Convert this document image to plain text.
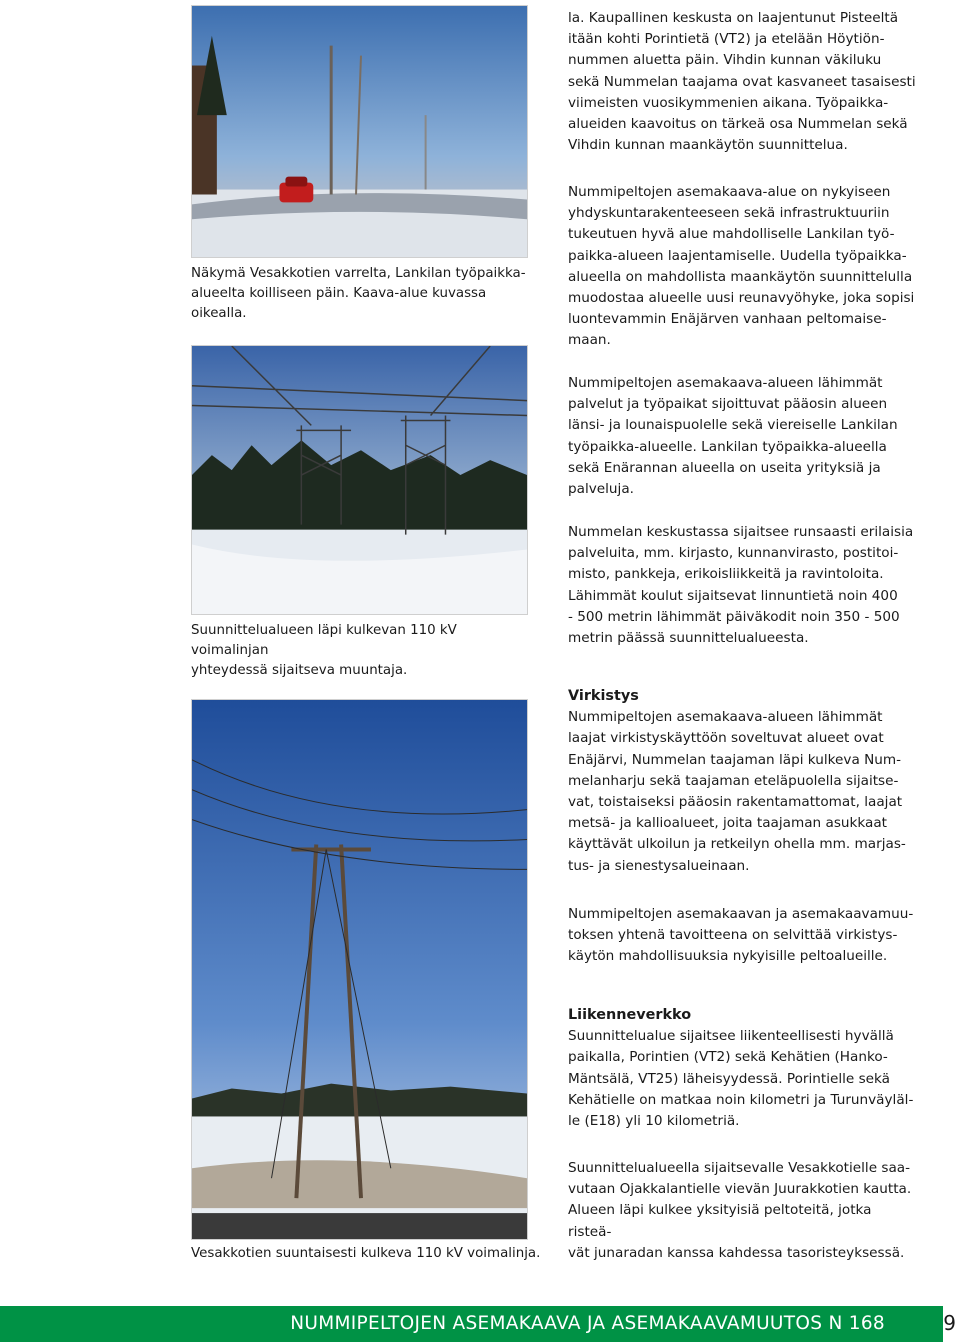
Näkymä Vesakkotien varrelta, Lankilan työpaikka-
alueelta koilliseen päin. Kaava-alue kuvassa oikealla.
Suunnittelualueen läpi kulkevan 110 kV voimalinjan
yhteydessä sijaitseva muuntaja.
Vesakkotien suuntaisesti kulkeva 110 kV voimalinja.

la. Kaupallinen keskusta on laajentunut Pisteeltä
itään kohti Porintietä (VT2) ja etelään Höytiön-
nummen aluetta päin. Vihdin kunnan väkiluku
sekä Nummelan taajama ovat kasvaneet tasaisesti
viimeisten vuosikymmenien aikana. Työpaikka-
alueiden kaavoitus on tärkeä osa Nummelan sekä
Vihdin kunnan maankäytön suunnittelua.

Nummipeltojen asemakaava-alue on nykyiseen
yhdyskuntarakenteeseen sekä infrastruktuuriin
tukeutuen hyvä alue mahdolliselle Lankilan työ-
paikka-alueen laajentamiselle. Uudella työpaikka-
alueella on mahdollista maankäytön suunnittelulla
muodostaa alueelle uusi reunavyöhyke, joka sopisi
luontevammin Enäjärven vanhaan peltomaise-
maan.

Nummipeltojen asemakaava-alueen lähimmät
palvelut ja työpaikat sijoittuvat pääosin alueen
länsi- ja lounaispuolelle sekä viereiselle Lankilan
työpaikka-alueelle. Lankilan työpaikka-alueella
sekä Enärannan alueella on useita yrityksiä ja
palveluja.

Nummelan keskustassa sijaitsee runsaasti erilaisia
palveluita, mm. kirjasto, kunnanvirasto, postitoi-
misto, pankkeja, erikoisliikkeitä ja ravintoloita.
Lähimmät koulut sijaitsevat linnuntietä noin 400
- 500 metrin lähimmät päiväkodit noin 350 - 500
metrin päässä suunnittelualueesta.

Virkistys

Nummipeltojen asemakaava-alueen lähimmät
laajat virkistyskäyttöön soveltuvat alueet ovat
Enäjärvi, Nummelan taajaman läpi kulkeva Num-
melanharju sekä taajaman eteläpuolella sijaitse-
vat, toistaiseksi pääosin rakentamattomat, laajat
metsä- ja kallioalueet, joita taajaman asukkaat
käyttävät ulkoilun ja retkeilyn ohella mm. marjas-
tus- ja sienestysalueinaan.

Nummipeltojen asemakaavan ja asemakaavamuu-
toksen yhtenä tavoitteena on selvittää virkistys-
käytön mahdollisuuksia nykyisille peltoalueille.

Liikenneverkko

Suunnittelualue sijaitsee liikenteellisesti hyvällä
paikalla, Porintien (VT2) sekä Kehätien (Hanko-
Mäntsälä, VT25) läheisyydessä. Porintielle sekä
Kehätielle on matkaa noin kilometri ja Turunväyläl-
le (E18) yli 10 kilometriä.

Suunnittelualueella sijaitsevalle Vesakkotielle saa-
vutaan Ojakkalantielle vievän Juurakkotien kautta.
Alueen läpi kulkee yksityisiä peltoteitä, jotka risteä-
vät junaradan kanssa kahdessa tasoristeyksessä.

NUMMIPELTOJEN ASEMAKAAVA JA ASEMAKAAVAMUUTOS N 168	9
